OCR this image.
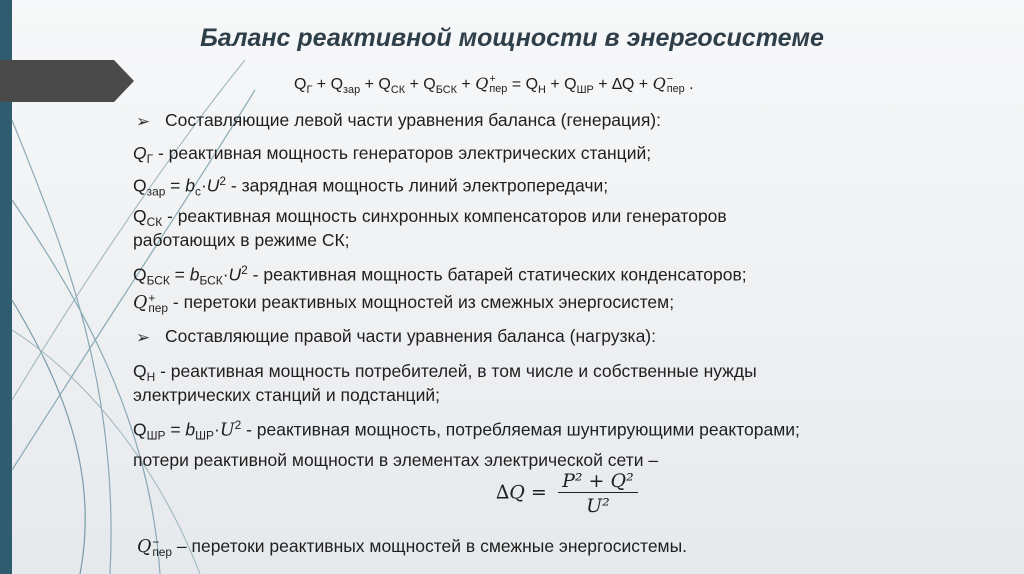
Баланс реактивной мощности в энергосистеме
$Q_Г + Q_{зар} + Q_{СК} + Q_{БСК} + Q$ +
пер = $Q_Н + Q_{ШР} + \Delta Q + Q$ −
пер .
➢ Составляющие левой части уравнения баланса (генерация):
$Q_Г$ - реактивная мощность генераторов электрических станций;
$Q_{зар} = b_с\cdot U^2$ - зарядная мощность линий электропередачи;
$Q_{СК}$ - реактивная мощность синхронных компенсаторов или генераторов
работающих в режиме СК;
$Q_{БСК} = b_{БСК}\cdot U^2$ - реактивная мощность батарей статических конденсаторов;
Q +
пер - перетоки реактивных мощностей из смежных энергосистем;
➢ Составляющие правой части уравнения баланса (нагрузка):
$Q_Н$ - реактивная мощность потребителей, в том числе и собственные нужды
электрических станций и подстанций;
$Q_{ШР} = b_{ШР}\cdot U^2$ - реактивная мощность, потребляемая шунтирующими реакторами;
потери реактивной мощности в элементах электрической сети –
$\Delta Q = \frac{\text{P² + Q²}}{\text{U²}}$
Q −
пер – перетоки реактивных мощностей в смежные энергосистемы.
